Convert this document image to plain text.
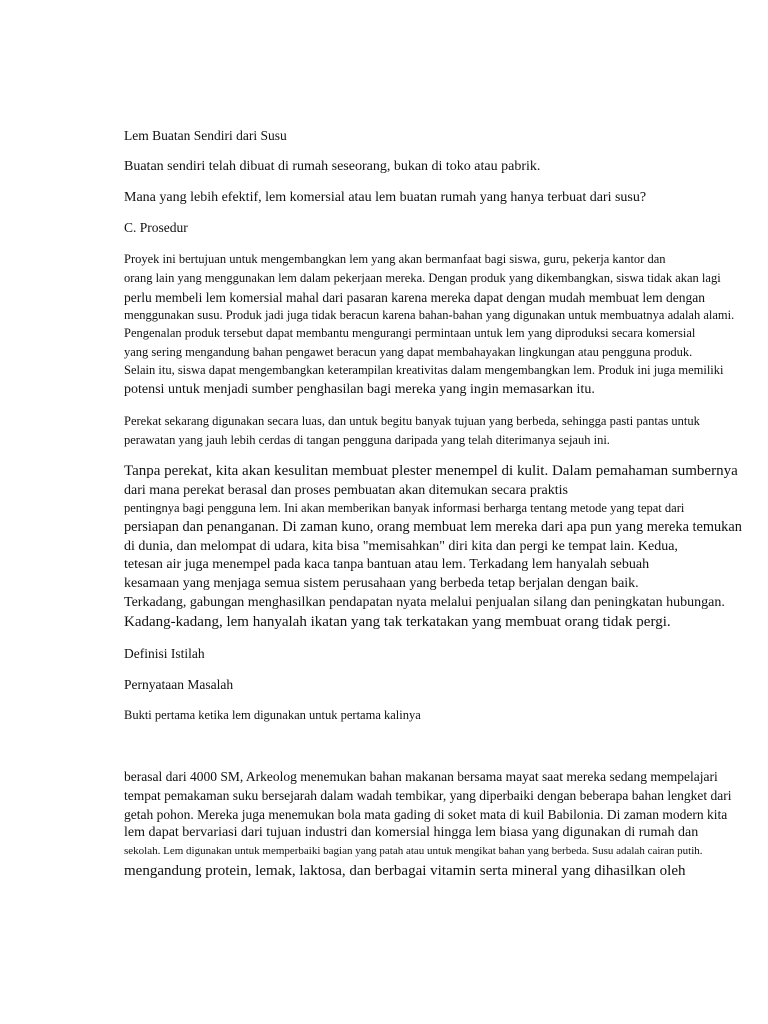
Lem Buatan Sendiri dari Susu

Buatan sendiri telah dibuat di rumah seseorang, bukan di toko atau pabrik.

Mana yang lebih efektif, lem komersial atau lem buatan rumah yang hanya terbuat dari susu?

C. Prosedur

Proyek ini bertujuan untuk mengembangkan lem yang akan bermanfaat bagi siswa, guru, pekerja kantor dan

orang lain yang menggunakan lem dalam pekerjaan mereka. Dengan produk yang dikembangkan, siswa tidak akan lagi

perlu membeli lem komersial mahal dari pasaran karena mereka dapat dengan mudah membuat lem dengan

menggunakan susu. Produk jadi juga tidak beracun karena bahan-bahan yang digunakan untuk membuatnya adalah alami.

Pengenalan produk tersebut dapat membantu mengurangi permintaan untuk lem yang diproduksi secara komersial

yang sering mengandung bahan pengawet beracun yang dapat membahayakan lingkungan atau pengguna produk.

Selain itu, siswa dapat mengembangkan keterampilan kreativitas dalam mengembangkan lem. Produk ini juga memiliki

potensi untuk menjadi sumber penghasilan bagi mereka yang ingin memasarkan itu.

Perekat sekarang digunakan secara luas, dan untuk begitu banyak tujuan yang berbeda, sehingga pasti pantas untuk

perawatan yang jauh lebih cerdas di tangan pengguna daripada yang telah diterimanya sejauh ini.

Tanpa perekat, kita akan kesulitan membuat plester menempel di kulit. Dalam pemahaman sumbernya

dari mana perekat berasal dan proses pembuatan akan ditemukan secara praktis

pentingnya bagi pengguna lem. Ini akan memberikan banyak informasi berharga tentang metode yang tepat dari

persiapan dan penanganan. Di zaman kuno, orang membuat lem mereka dari apa pun yang mereka temukan

di dunia, dan melompat di udara, kita bisa "memisahkan" diri kita dan pergi ke tempat lain. Kedua,

tetesan air juga menempel pada kaca tanpa bantuan atau lem. Terkadang lem hanyalah sebuah

kesamaan yang menjaga semua sistem perusahaan yang berbeda tetap berjalan dengan baik.

Terkadang, gabungan menghasilkan pendapatan nyata melalui penjualan silang dan peningkatan hubungan.

Kadang-kadang, lem hanyalah ikatan yang tak terkatakan yang membuat orang tidak pergi.

Definisi Istilah

Pernyataan Masalah

Bukti pertama ketika lem digunakan untuk pertama kalinya

berasal dari 4000 SM, Arkeolog menemukan bahan makanan bersama mayat saat mereka sedang mempelajari

tempat pemakaman suku bersejarah dalam wadah tembikar, yang diperbaiki dengan beberapa bahan lengket dari

getah pohon. Mereka juga menemukan bola mata gading di soket mata di kuil Babilonia. Di zaman modern kita

lem dapat bervariasi dari tujuan industri dan komersial hingga lem biasa yang digunakan di rumah dan

sekolah. Lem digunakan untuk memperbaiki bagian yang patah atau untuk mengikat bahan yang berbeda. Susu adalah cairan putih.

mengandung protein, lemak, laktosa, dan berbagai vitamin serta mineral yang dihasilkan oleh
